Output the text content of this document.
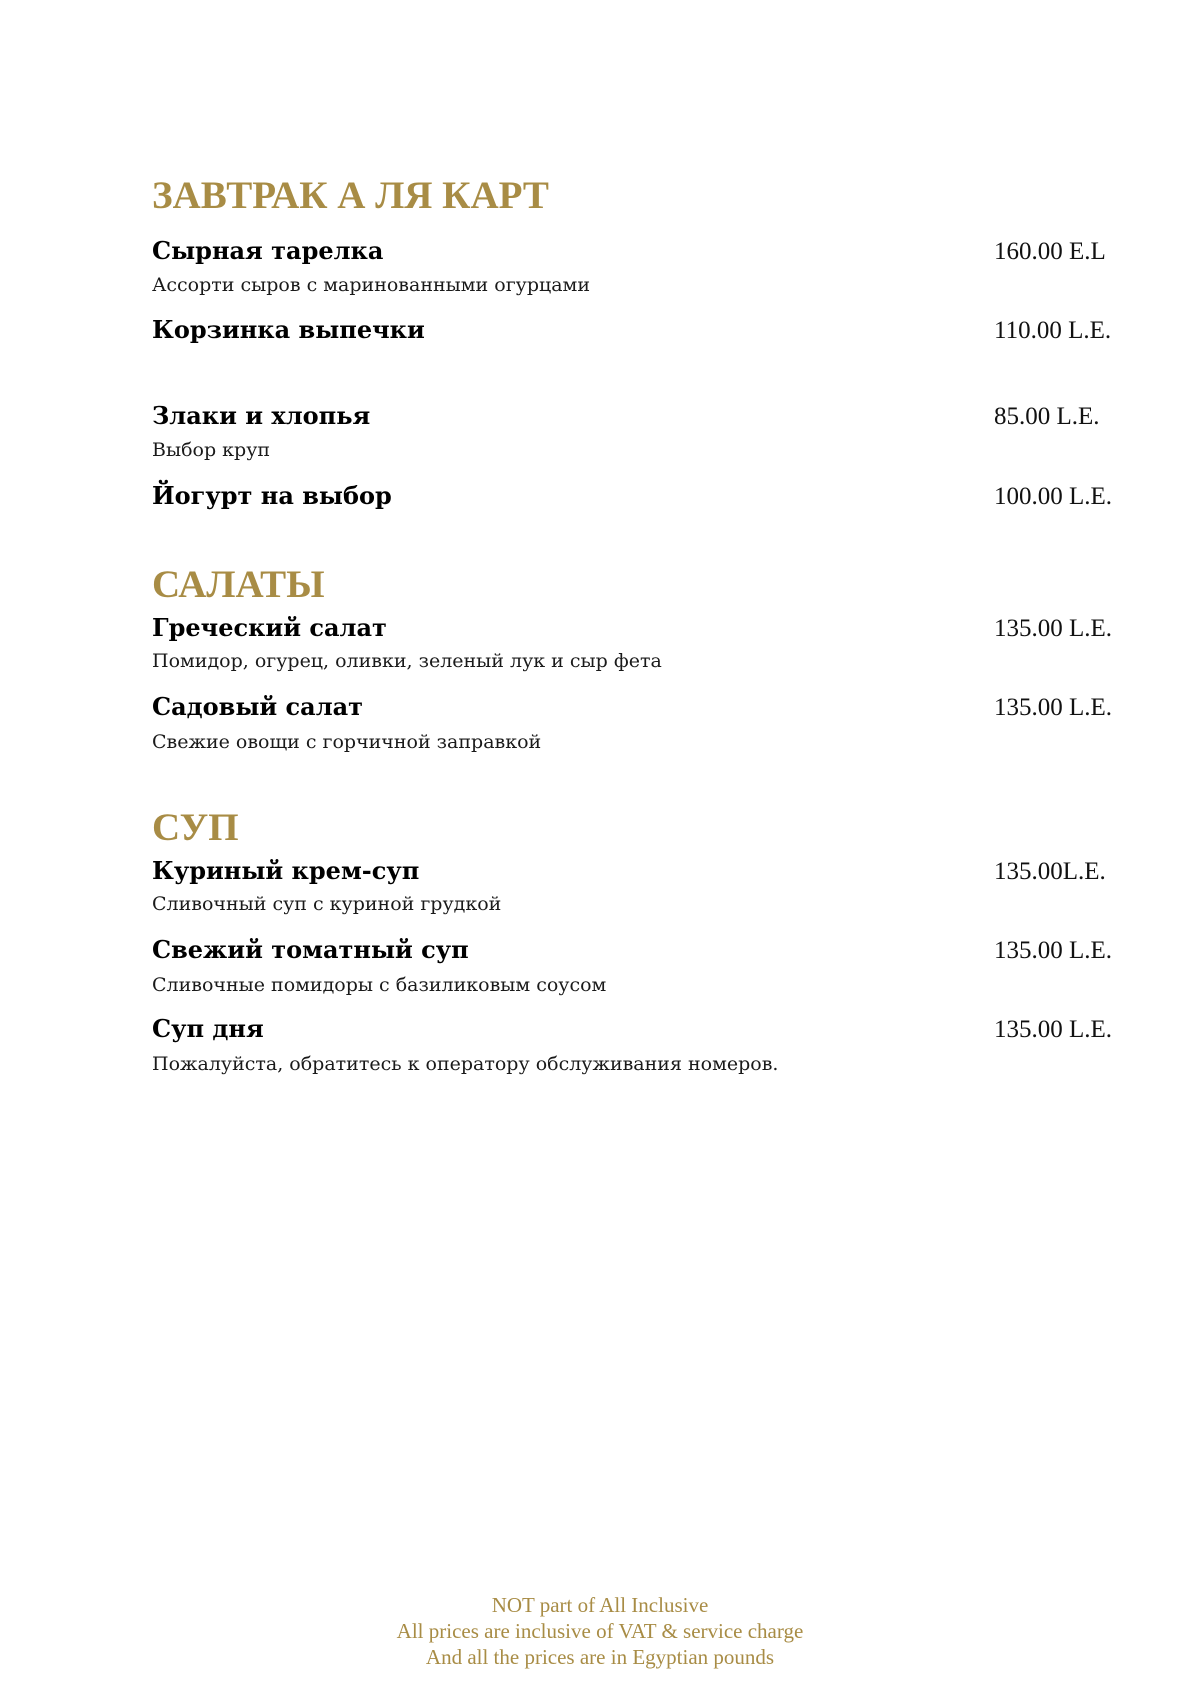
ЗАВТРАК А ЛЯ КАРТ
Сырная тарелка	160.00 E.L
Ассорти сыров с маринованными огурцами
Корзинка выпечки	110.00 L.E.
Злаки и хлопья	85.00 L.E.
Выбор круп
Йогурт на выбор	100.00 L.E.
САЛАТЫ
Греческий салат	135.00 L.E.
Помидор, огурец, оливки, зеленый лук и сыр фета
Садовый салат	135.00 L.E.
Свежие овощи с горчичной заправкой
СУП
Куриный крем-суп	135.00L.E.
Сливочный суп с куриной грудкой
Свежий томатный суп	135.00 L.E.
Сливочные помидоры с базиликовым соусом
Суп дня	135.00 L.E.
Пожалуйста, обратитесь к оператору обслуживания номеров.
NOT part of All Inclusive
All prices are inclusive of VAT & service charge
And all the prices are in Egyptian pounds
